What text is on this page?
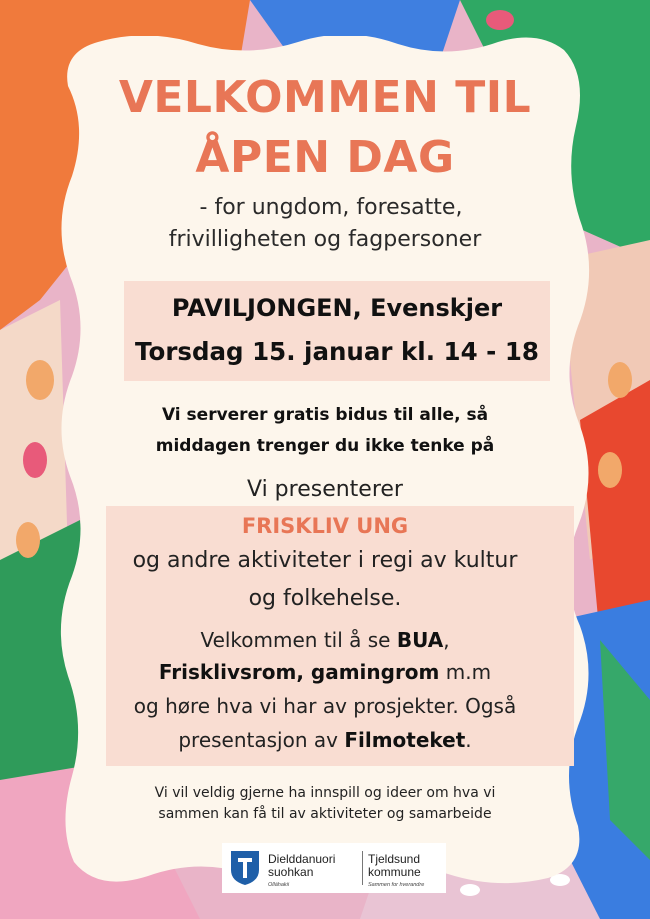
VELKOMMEN TIL
ÅPEN DAG
- for ungdom, foresatte,
frivilligheten og fagpersoner
PAVILJONGEN, Evenskjer
Torsdag 15. januar kl. 14 - 18
Vi serverer gratis bidus til alle, så
middagen trenger du ikke tenke på
Vi presenterer
FRISKLIV UNG
og andre aktiviteter i regi av kultur
og folkehelse.
Velkommen til å se BUA,
Frisklivsrom, gamingrom m.m
og høre hva vi har av prosjekter. Også
presentasjon av Filmoteket.
Vi vil veldig gjerne ha innspill og ideer om hva vi
sammen kan få til av aktiviteter og samarbeide
Dielddanuori
suohkan
Olláhakii
Tjeldsund
kommune
Sammen for hverandre
